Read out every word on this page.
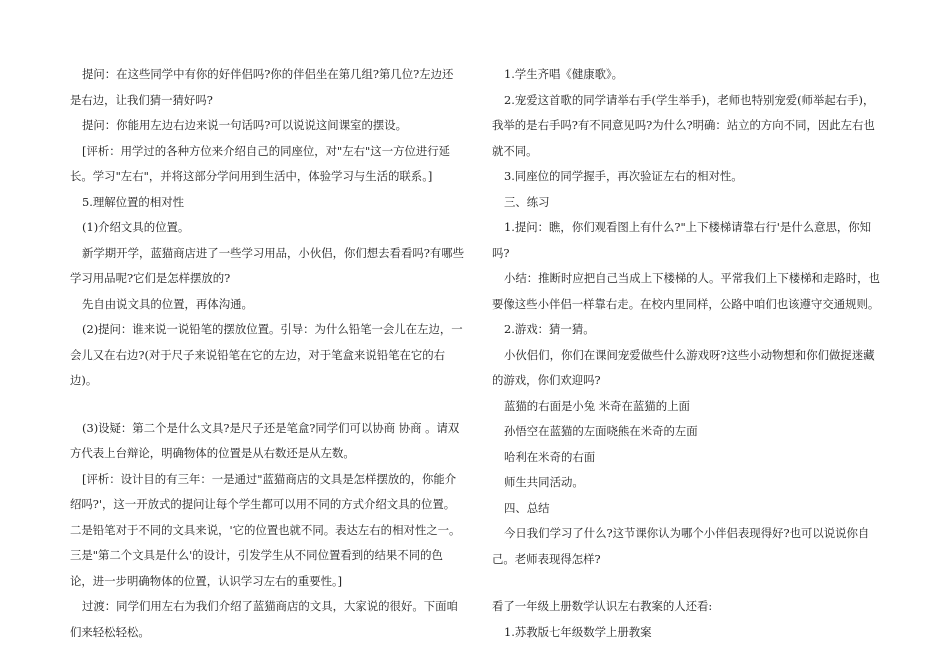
提问：在这些同学中有你的好伴侣吗?你的伴侣坐在第几组?第几位?左边还是右边，让我们猜一猜好吗?

提问：你能用左边右边来说一句话吗?可以说说这间课室的摆设。

[评析：用学过的各种方位来介绍自己的同座位，对"左右"这一方位进行延长。学习"左右"，并将这部分学问用到生活中，体验学习与生活的联系。]

5.理解位置的相对性

(1)介绍文具的位置。

新学期开学，蓝猫商店进了一些学习用品，小伙侣，你们想去看看吗?有哪些学习用品呢?它们是怎样摆放的?

先自由说文具的位置，再体沟通。

(2)提问：谁来说一说铅笔的摆放位置。引导：为什么铅笔一会儿在左边，一会儿又在右边?(对于尺子来说铅笔在它的左边，对于笔盒来说铅笔在它的右边)。

(3)设疑：第二个是什么文具?是尺子还是笔盒?同学们可以协商 协商 。请双方代表上台辩论，明确物体的位置是从右数还是从左数。

[评析：设计目的有三年：一是通过"蓝猫商店的文具是怎样摆放的，你能介绍吗?'，这一开放式的提问让每个学生都可以用不同的方式介绍文具的位置。二是铅笔对于不同的文具来说，'它的位置也就不同。表达左右的相对性之一。三是"第二个文具是什么'的设计，引发学生从不同位置看到的结果不同的色论，进一步明确物体的位置，认识学习左右的重要性。]

过渡：同学们用左右为我们介绍了蓝猫商店的文具，大家说的很好。下面咱们来轻松轻松。

1.学生齐唱《健康歌》。

2.宠爱这首歌的同学请举右手(学生举手)，老师也特别宠爱(师举起右手)，我举的是右手吗?有不同意见吗?为什么?明确：站立的方向不同，因此左右也就不同。

3.同座位的同学握手，再次验证左右的相对性。

三、练习

1.提问：瞧，你们观看图上有什么?"上下楼梯请靠右行'是什么意思，你知吗?

小结：推断时应把自己当成上下楼梯的人。平常我们上下楼梯和走路时，也要像这些小伴侣一样靠右走。在校内里同样，公路中咱们也该遵守交通规则。

2.游戏：猜一猜。

小伙侣们，你们在课间宠爱做些什么游戏呀?这些小动物想和你们做捉迷藏的游戏，你们欢迎吗?

蓝猫的右面是小兔 米奇在蓝猫的上面

孙悟空在蓝猫的左面哓熊在米奇的左面

哈利在米奇的右面

师生共同活动。

四、总结

今日我们学习了什么?这节课你认为哪个小伴侣表现得好?也可以说说你自己。老师表现得怎样?

看了一年级上册数学认识左右教案的人还看:

1.苏教版七年级数学上册教案
